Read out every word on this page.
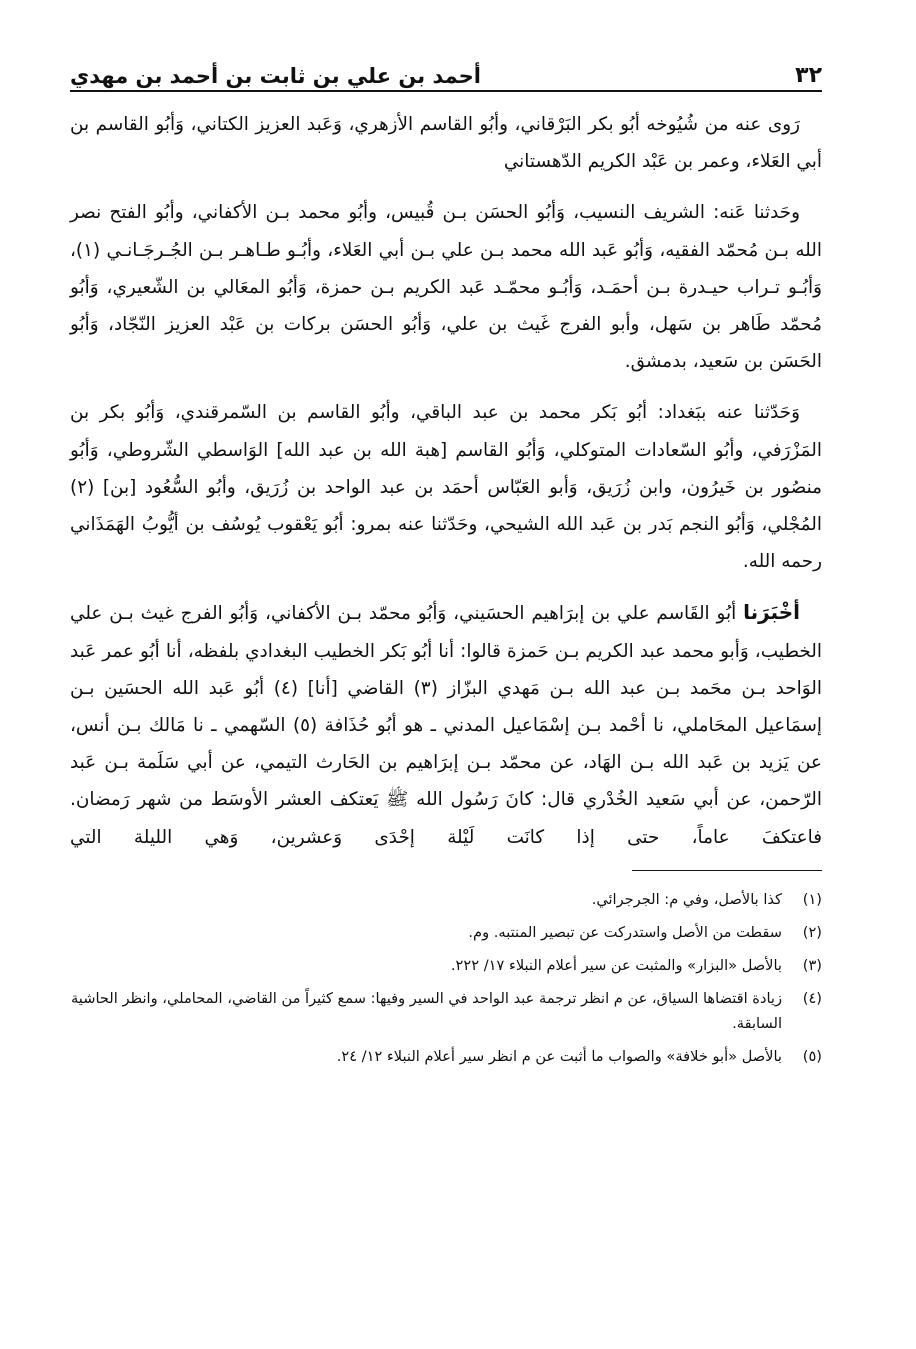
٣٢
أحمد بن علي بن ثابت بن أحمد بن مهدي

رَوى عنه من شُيُوخه أبُو بكر البَرْقاني، وأبُو القاسم الأزهري، وَعَبد العزيز الكتاني، وَأبُو القاسم بن أبي العَلاء، وعمر بن عَبْد الكريم الدّهستاني

وحَدثنا عَنه: الشريف النسيب، وَأبُو الحسَن بـن قُبيس، وأبُو محمد بـن الأكفاني، وأبُو الفتح نصر الله بـن مُحمّد الفقيه، وَأبُو عَبد الله محمد بـن علي بـن أبي العَلاء، وأبُـو طـاهـر بـن الجُـرجَـانـي (١)، وَأبُـو تـراب حيـدرة بـن أحمَـد، وَأبُـو محمّـد عَبد الكريم بـن حمزة، وَأبُو المعَالي بن الشّعيري، وَأبُو مُحمّد طَاهر بن سَهل، وأبو الفرج غَيث بن علي، وَأبُو الحسَن بركات بن عَبْد العزيز النّجّاد، وَأبُو الحَسَن بن سَعيد، بدمشق.

وَحَدّثنا عنه ببَغداد: أبُو بَكر محمد بن عبد الباقي، وأبُو القاسم بن السّمرقندي، وَأبُو بكر بن المَزْرَفي، وأبُو السّعادات المتوكلي، وَأبُو القاسم [هبة الله بن عبد الله] الوَاسطي الشّروطي، وَأبُو منصُور بن خَيرُون، وابن زُرَيق، وَأبو العَبّاس أحمَد بن عبد الواحد بن زُرَيق، وأبُو السُّعُود [بن] (٢) المُجْلي، وَأبُو النجم بَدر بن عَبد الله الشيحي، وحَدّثنا عنه بمرو: أبُو يَعْقوب يُوسُف بن أيُّوبُ الهَمَذَاني رحمه الله.

أخْبَرَنا أبُو القَاسم علي بن إبرَاهيم الحسَيني، وَأبُو محمّد بـن الأكفاني، وَأبُو الفرج غيث بـن علي الخطيب، وَأبو محمد عبد الكريم بـن حَمزة قالوا: أنا أبُو بَكر الخطيب البغدادي بلفظه، أنا أبُو عمر عَبد الوَاحد بـن محَمد بـن عبد الله بـن مَهدي البزّاز (٣) القاضي [أنا] (٤) أبُو عَبد الله الحسَين بـن إسمَاعيل المحَاملي، نا أحْمد بـن إسْمَاعيل المدني ـ هو أبُو حُذَافة (٥) السّهمي ـ نا مَالك بـن أنس، عن يَزيد بن عَبد الله بـن الهَاد، عن محمّد بـن إبرَاهيم بن الحَارث التيمي، عن أبي سَلَمة بـن عَبد الرّحمن، عن أبي سَعيد الخُدْري قال: كانَ رَسُول الله ﷺ يَعتكف العشر الأوسَط من شهر رَمضان. فاعتكفَ عاماً، حتى إذا كانَت لَيْلة إحْدَى وَعشرين، وَهي الليلة التي

(١)
كذا بالأصل، وفي م: الجرجرائي.
(٢)
سقطت من الأصل واستدركت عن تبصير المنتبه. وم.
(٣)
بالأصل «البزار» والمثبت عن سير أعلام النبلاء ١٧/ ٢٢٢.
(٤)
زيادة اقتضاها السياق، عن م انظر ترجمة عبد الواحد في السير وفيها: سمع كثيراً من القاضي، المحاملي، وانظر الحاشية السابقة.
(٥)
بالأصل «أبو خلافة» والصواب ما أثبت عن م انظر سير أعلام النبلاء ١٢/ ٢٤.
